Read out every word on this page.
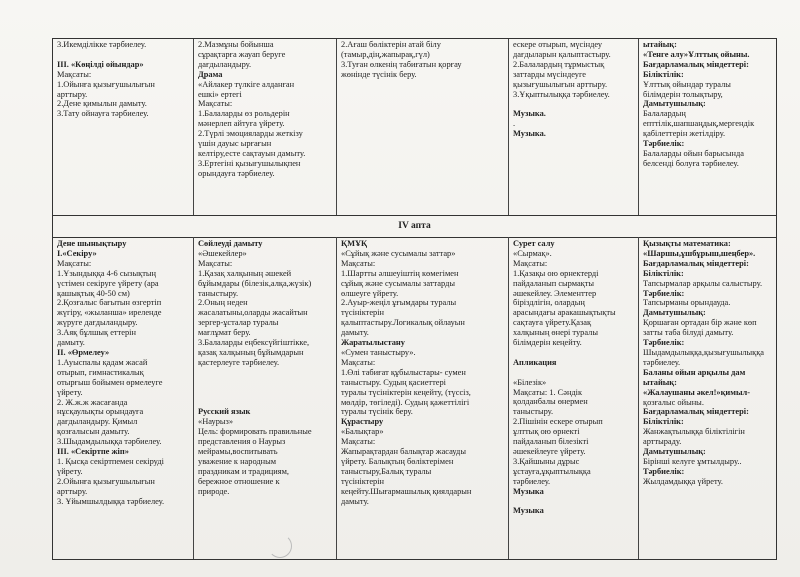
IV апта
3.Икемділікке тәрбиелеу.
III. «Көңілді ойындар»
Мақсаты:
1.Ойынға қызығушылығын
арттыру.
2.Дене қимылын дамыту.
3.Тату ойнауға тәрбиелеу.
2.Мазмұны бойынша
сұрақтарға жауап беруге
дағдыландыру.
Драма
«Айлакер түлкіге алданған
ешкі» ертегі
Мақсаты:
1.Балаларды өз рольдерін
мәнерлеп айтуға үйрету.
2.Түрлі эмоцияларды жеткізу
үшін дауыс ырғағын
келтіру,есте сақтауын дамыту.
3.Ертегіні қызығушылықпен
орындауға тәрбиелеу.
2.Ағаш бөліктерін атай білу
(тамыр,дің,жапырақ,гүл)
3.Туған өлкенің табиғатын қорғау
жөнінде түсінік беру.
ескере отырып, мүсіндеу
дағдыларын қалыптастыру.
2.Балалардың тұрмыстық
заттарды мүсіндеуге
қызығушылығын арттыру.
3.Ұқыптылыққа тәрбиелеу.
Музыка.
.
Музыка.
ытайық:
«Тенге алу»Ұлттық ойыны.
Бағдарламалық міндеттері:
Біліктілік:
Ұлттық ойындар туралы
білімдерін толықтыру,
Дамытушылық:
Балалардың
епттілік,шапшаңдық,мергендік
қабілеттерін жетілдіру.
Тәрбиелік:
Балаларды ойын барысында
белсенді болуға тәрбиелеу.
Дене шынықтыру
I.«Секіру»
Мақсаты:
1.Ұзындыққа 4-6 сызықтың
үстімен секіруге үйрету (ара
қашықтық 40-50 см)
2.Қозғалыс бағытын өзгертіп
жүгіру, «жыланша» иреленде
жүруге дағдыландыру.
3.Аяқ бұлшық еттерін
дамыту.
II. «Өрмелеу»
1.Ауыспалы қадам жасай
отырып, гимнастикалық
отырғыш бойымен өрмелеуге
үйрету.
2. Ж.ж.ж жасағанда
нұсқаулықты орындауға
дағдыландыру. Қимыл
қозғалысын дамыту.
3.Шыдамдылыққа тәрбиелеу.
III. «Секіртпе жіп»
1. Қысқа секіртпемен секіруді
үйрету.
2.Ойынға қызығушылығын
арттыру.
3. Ұйымшылдыққа тәрбиелеу.
Сөйлеуді дамыту
«Әшекейлер»
Мақсаты:
1.Қазақ халқының әшекей
бұйымдары (білезік,алқа,жүзік)
таныстыру.
2.Оның неден
жасалатыны,оларды жасайтын
зергер-ұсталар туралы
мағлұмат беру.
3.Балаларды еңбексүйгіштікке,
қазақ халқының бұйымдарын
қастерлеуге тәрбиелеу.
Русский язык
«Наурыз»
Цель: формировать правильные
представления о Наурыз
мейрамы,воспитывать
уважение к народным
праздникам и традициям,
бережное отношение к
природе.
ҚМҰҚ
«Сұйық және сусымалы заттар»
Мақсаты:
1.Шартты әлшеуіштің көмегімен
сұйық және сусымалы заттарды
өлшеуге үйрету.
2.Ауыр-жеңіл ұғымдары туралы
түсініктерін
қалыптастыру.Логикалық ойлауын
дамыту.
Жаратылыстану
«Сумен таныстыру».
Мақсаты:
1.Өлі табиғат құбылыстары- сумен
таныстыру. Судың қасиеттері
туралы түсініктерін кеңейту, (түссіз,
мөлдір, төгіледі). Судың қажеттілігі
туралы түсінік беру.
Құрастыру
«Балықтар»
Мақсаты:
Жапырақтардан балықтар жасауды
үйрету. Балықтың бөліктерімен
таныстыру,Балық туралы
түсініктерін
кеңейту.Шығармашылық қиялдарын
дамыту.
Сурет салу
«Сырмақ».
Мақсаты:
1.Қазақы ою өрнектерді
пайдаланып сырмақты
әшекейлеу. Элементтер
біріздлігін, олардың
арасындағы аракашықтықты
сақтауға үйрету.Қазақ
халқының өнері туралы
білімдерін кеңейту.
Апликация
«Білезік»
Мақсаты: 1. Сәндік
қолданбалы өнермен
таныстыру.
2.Пішінін ескере отырып
ұлттық ою өрнекті
пайдаланып білезікті
әшекейлеуге үйрету.
3.Қайшыны дұрыс
ұстауға,ұқыптылыққа
тәрбиелеу.
Музыка
Музыка
Қызықты математика:
«Шаршы,ұшбұрыш,шеңбер».
Бағдарламалық міндеттері:
Біліктілік:
Тапсырмалар арқылы салыстыру.
Тәрбиелік:
Тапсырманы орындауда.
Дамытушылық:
Қоршаған ортадан бір және көп
затты таба білуді дамыту.
Тәрбиелік:
Шыдамдылыққа,қызығушылыққа
тәрбиелеу.
Баланы ойын арқылы дам
ытайық:
«Жалаушаны әкел!»қимыл-
қозғалыс ойыны.
Бағдарламалық міндеттері:
Біліктілік:
Жанжақтылыққа біліктілігін
арттыраду.
Дамытушылық:
Бірінші келуге ұмтылдыру..
Тәрбиелік:
Жылдамдыққа үйрету.
